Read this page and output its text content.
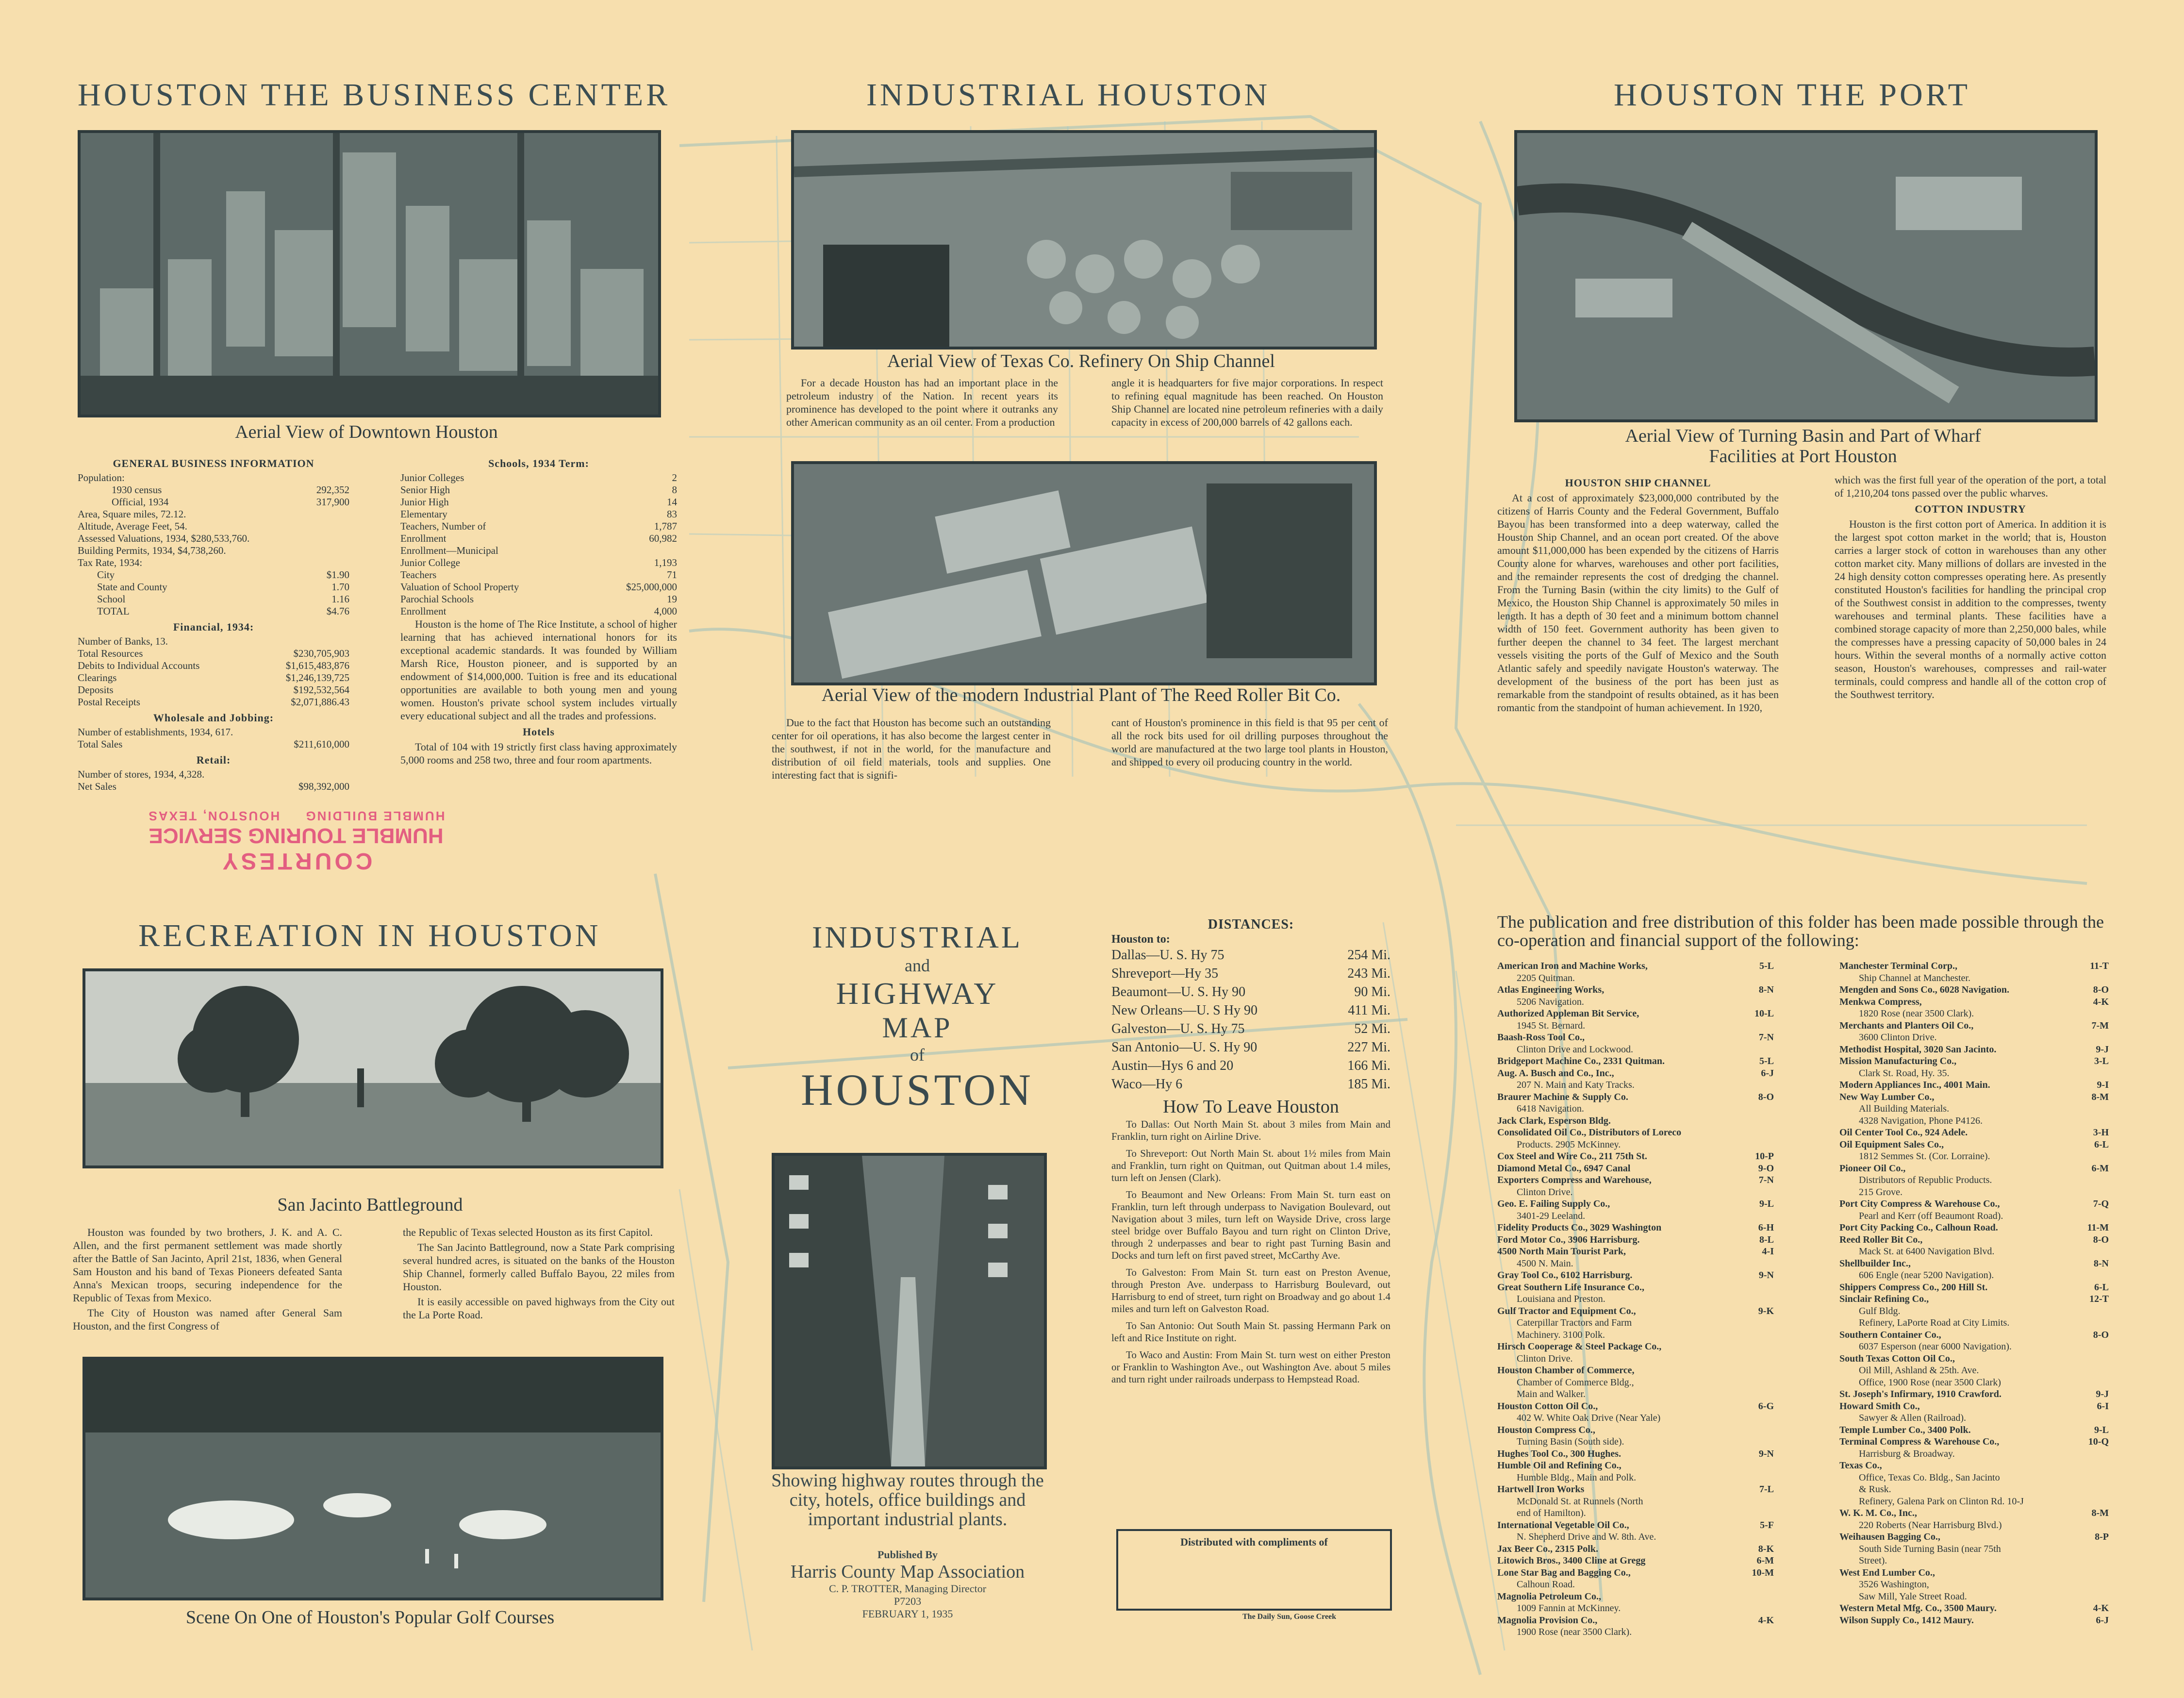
HOUSTON THE BUSINESS CENTER
Aerial View of Downtown Houston
GENERAL BUSINESS INFORMATION
Population:
1930 census	292,352
Official, 1934	317,900
Area, Square miles, 72.12.
Altitude, Average Feet, 54.
Assessed Valuations, 1934, $280,533,760.
Building Permits, 1934, $4,738,260.
Tax Rate, 1934:
City	$1.90
State and County	1.70
School	1.16
TOTAL	$4.76
Financial, 1934:
Number of Banks, 13.
Total Resources	$230,705,903
Debits to Individual Accounts	$1,615,483,876
Clearings	$1,246,139,725
Deposits	$192,532,564
Postal Receipts	$2,071,886.43
Wholesale and Jobbing:
Number of establishments, 1934, 617.
Total Sales	$211,610,000
Retail:
Number of stores, 1934, 4,328.
Net Sales	$98,392,000
Schools, 1934 Term:
Junior Colleges	2
Senior High	8
Junior High	14
Elementary	83
Teachers, Number of	1,787
Enrollment	60,982
Enrollment—Municipal
Junior College	1,193
Teachers	71
Valuation of School Property	$25,000,000
Parochial Schools	19
Enrollment	4,000

Houston is the home of The Rice Institute, a school of higher learning that has achieved international honors for its exceptional academic standards. It was founded by William Marsh Rice, Houston pioneer, and is supported by an endowment of $14,000,000. Tuition is free and its educational opportunities are available to both young men and young women. Houston's private school system includes virtually every educational subject and all the trades and professions.

Hotels

Total of 104 with 19 strictly first class having approximately 5,000 rooms and 258 two, three and four room apartments.

COURTESY
HUMBLE TOURING SERVICE
HUMBLE BUILDING     HOUSTON, TEXAS
INDUSTRIAL HOUSTON
Aerial View of Texas Co. Refinery On Ship Channel

For a decade Houston has had an important place in the petroleum industry of the Nation. In recent years its prominence has developed to the point where it outranks any other American community as an oil center. From a production

angle it is headquarters for five major corporations. In respect to refining equal magnitude has been reached. On Houston Ship Channel are located nine petroleum refineries with a daily capacity in excess of 200,000 barrels of 42 gallons each.

Aerial View of the modern Industrial Plant of The Reed Roller Bit Co.

Due to the fact that Houston has become such an outstanding center for oil operations, it has also become the largest center in the southwest, if not in the world, for the manufacture and distribution of oil field materials, tools and supplies. One interesting fact that is signifi-

cant of Houston's prominence in this field is that 95 per cent of all the rock bits used for oil drilling purposes throughout the world are manufactured at the two large tool plants in Houston, and shipped to every oil producing country in the world.

HOUSTON THE PORT
Aerial View of Turning Basin and Part of Wharf
Facilities at Port Houston
HOUSTON SHIP CHANNEL

At a cost of approximately $23,000,000 contributed by the citizens of Harris County and the Federal Government, Buffalo Bayou has been transformed into a deep waterway, called the Houston Ship Channel, and an ocean port created. Of the above amount $11,000,000 has been expended by the citizens of Harris County alone for wharves, warehouses and other port facilities, and the remainder represents the cost of dredging the channel. From the Turning Basin (within the city limits) to the Gulf of Mexico, the Houston Ship Channel is approximately 50 miles in length. It has a depth of 30 feet and a minimum bottom channel width of 150 feet. Government authority has been given to further deepen the channel to 34 feet. The largest merchant vessels visiting the ports of the Gulf of Mexico and the South Atlantic safely and speedily navigate Houston's waterway. The development of the business of the port has been just as remarkable from the standpoint of results obtained, as it has been romantic from the standpoint of human achievement. In 1920,

which was the first full year of the operation of the port, a total of 1,210,204 tons passed over the public wharves.

COTTON INDUSTRY

Houston is the first cotton port of America. In addition it is the largest spot cotton market in the world; that is, Houston carries a larger stock of cotton in warehouses than any other cotton market city. Many millions of dollars are invested in the 24 high density cotton compresses operating here. As presently constituted Houston's facilities for handling the principal crop of the Southwest consist in addition to the compresses, twenty warehouses and terminal plants. These facilities have a combined storage capacity of more than 2,250,000 bales, while the compresses have a pressing capacity of 50,000 bales in 24 hours. Within the several months of a normally active cotton season, Houston's warehouses, compresses and rail-water terminals, could compress and handle all of the cotton crop of the Southwest territory.

RECREATION IN HOUSTON
San Jacinto Battleground

Houston was founded by two brothers, J. K. and A. C. Allen, and the first permanent settlement was made shortly after the Battle of San Jacinto, April 21st, 1836, when General Sam Houston and his band of Texas Pioneers defeated Santa Anna's Mexican troops, securing independence for the Republic of Texas from Mexico.

The City of Houston was named after General Sam Houston, and the first Congress of

the Republic of Texas selected Houston as its first Capitol.

The San Jacinto Battleground, now a State Park comprising several hundred acres, is situated on the banks of the Houston Ship Channel, formerly called Buffalo Bayou, 22 miles from Houston.

It is easily accessible on paved highways from the City out the La Porte Road.

Scene On One of Houston's Popular Golf Courses
INDUSTRIAL
and
HIGHWAY
MAP
of
HOUSTON
Showing highway routes through the city, hotels, office buildings and important industrial plants.
Published By
Harris County Map Association
C. P. TROTTER, Managing Director
P7203
FEBRUARY 1, 1935
DISTANCES:
Houston to:
Dallas—U. S. Hy 75	254 Mi.
Shreveport—Hy 35	243 Mi.
Beaumont—U. S. Hy 90	90 Mi.
New Orleans—U. S Hy 90	411 Mi.
Galveston—U. S. Hy 75	52 Mi.
San Antonio—U. S. Hy 90	227 Mi.
Austin—Hys 6 and 20	166 Mi.
Waco—Hy 6	185 Mi.
How To Leave Houston

To Dallas: Out North Main St. about 3 miles from Main and Franklin, turn right on Airline Drive.

To Shreveport: Out North Main St. about 1½ miles from Main and Franklin, turn right on Quitman, out Quitman about 1.4 miles, turn left on Jensen (Clark).

To Beaumont and New Orleans: From Main St. turn east on Franklin, turn left through underpass to Navigation Boulevard, out Navigation about 3 miles, turn left on Wayside Drive, cross large steel bridge over Buffalo Bayou and turn right on Clinton Drive, through 2 underpasses and bear to right past Turning Basin and Docks and turn left on first paved street, McCarthy Ave.

To Galveston: From Main St. turn east on Preston Avenue, through Preston Ave. underpass to Harrisburg Boulevard, out Harrisburg to end of street, turn right on Broadway and go about 1.4 miles and turn left on Galveston Road.

To San Antonio: Out South Main St. passing Hermann Park on left and Rice Institute on right.

To Waco and Austin: From Main St. turn west on either Preston or Franklin to Washington Ave., out Washington Ave. about 5 miles and turn right under railroads underpass to Hempstead Road.

Distributed with compliments of
The Daily Sun, Goose Creek
The publication and free distribution of this folder has been made possible through the co-operation and financial support of the following:
American Iron and Machine Works,	5-L
2205 Quitman.
Atlas Engineering Works,	8-N
5206 Navigation.
Authorized Appleman Bit Service,	10-L
1945 St. Bernard.
Baash-Ross Tool Co.,	7-N
Clinton Drive and Lockwood.
Bridgeport Machine Co., 2331 Quitman.	5-L
Aug. A. Busch and Co., Inc.,	6-J
207 N. Main and Katy Tracks.
Braurer Machine & Supply Co.	8-O
6418 Navigation.
Jack Clark, Esperson Bldg.
Consolidated Oil Co., Distributors of Loreco
Products. 2905 McKinney.
Cox Steel and Wire Co., 211 75th St.	10-P
Diamond Metal Co., 6947 Canal	9-O
Exporters Compress and Warehouse,	7-N
Clinton Drive.
Geo. E. Failing Supply Co.,	9-L
3401-29 Leeland.
Fidelity Products Co., 3029 Washington	6-H
Ford Motor Co., 3906 Harrisburg.	8-L
4500 North Main Tourist Park,	4-I
4500 N. Main.
Gray Tool Co., 6102 Harrisburg.	9-N
Great Southern Life Insurance Co.,
Louisiana and Preston.
Gulf Tractor and Equipment Co.,	9-K
Caterpillar Tractors and Farm
Machinery. 3100 Polk.
Hirsch Cooperage & Steel Package Co.,
Clinton Drive.
Houston Chamber of Commerce,
Chamber of Commerce Bldg.,
Main and Walker.
Houston Cotton Oil Co.,	6-G
402 W. White Oak Drive (Near Yale)
Houston Compress Co.,
Turning Basin (South side).
Hughes Tool Co., 300 Hughes.	9-N
Humble Oil and Refining Co.,
Humble Bldg., Main and Polk.
Hartwell Iron Works	7-L
McDonald St. at Runnels (North
end of Hamilton).
International Vegetable Oil Co.,	5-F
N. Shepherd Drive and W. 8th. Ave.
Jax Beer Co., 2315 Polk.	8-K
Litowich Bros., 3400 Cline at Gregg	6-M
Lone Star Bag and Bagging Co.,	10-M
Calhoun Road.
Magnolia Petroleum Co.,
1009 Fannin at McKinney.
Magnolia Provision Co.,	4-K
1900 Rose (near 3500 Clark).
Manchester Terminal Corp.,	11-T
Ship Channel at Manchester.
Mengden and Sons Co., 6028 Navigation.	8-O
Menkwa Compress,	4-K
1820 Rose (near 3500 Clark).
Merchants and Planters Oil Co.,	7-M
3600 Clinton Drive.
Methodist Hospital, 3020 San Jacinto.	9-J
Mission Manufacturing Co.,	3-L
Clark St. Road, Hy. 35.
Modern Appliances Inc., 4001 Main.	9-I
New Way Lumber Co.,	8-M
All Building Materials.
4328 Navigation, Phone P4126.
Oil Center Tool Co., 924 Adele.	3-H
Oil Equipment Sales Co.,	6-L
1812 Semmes St. (Cor. Lorraine).
Pioneer Oil Co.,	6-M
Distributors of Republic Products.
215 Grove.
Port City Compress & Warehouse Co.,	7-Q
Pearl and Kerr (off Beaumont Road).
Port City Packing Co., Calhoun Road.	11-M
Reed Roller Bit Co.,	8-O
Mack St. at 6400 Navigation Blvd.
Shellbuilder Inc.,	8-N
606 Engle (near 5200 Navigation).
Shippers Compress Co., 200 Hill St.	6-L
Sinclair Refining Co.,	12-T
Gulf Bldg.
Refinery, LaPorte Road at City Limits.
Southern Container Co.,	8-O
6037 Esperson (near 6000 Navigation).
South Texas Cotton Oil Co.,
Oil Mill, Ashland & 25th. Ave.
Office, 1900 Rose (near 3500 Clark)
St. Joseph's Infirmary, 1910 Crawford.	9-J
Howard Smith Co.,	6-I
Sawyer & Allen (Railroad).
Temple Lumber Co., 3400 Polk.	9-L
Terminal Compress & Warehouse Co.,	10-Q
Harrisburg & Broadway.
Texas Co.,
Office, Texas Co. Bldg., San Jacinto
& Rusk.
Refinery, Galena Park on Clinton Rd. 10-J
W. K. M. Co., Inc.,	8-M
220 Roberts (Near Harrisburg Blvd.)
Weihausen Bagging Co.,	8-P
South Side Turning Basin (near 75th
Street).
West End Lumber Co.,
3526 Washington,
Saw Mill, Yale Street Road.
Western Metal Mfg. Co., 3500 Maury.	4-K
Wilson Supply Co., 1412 Maury.	6-J
